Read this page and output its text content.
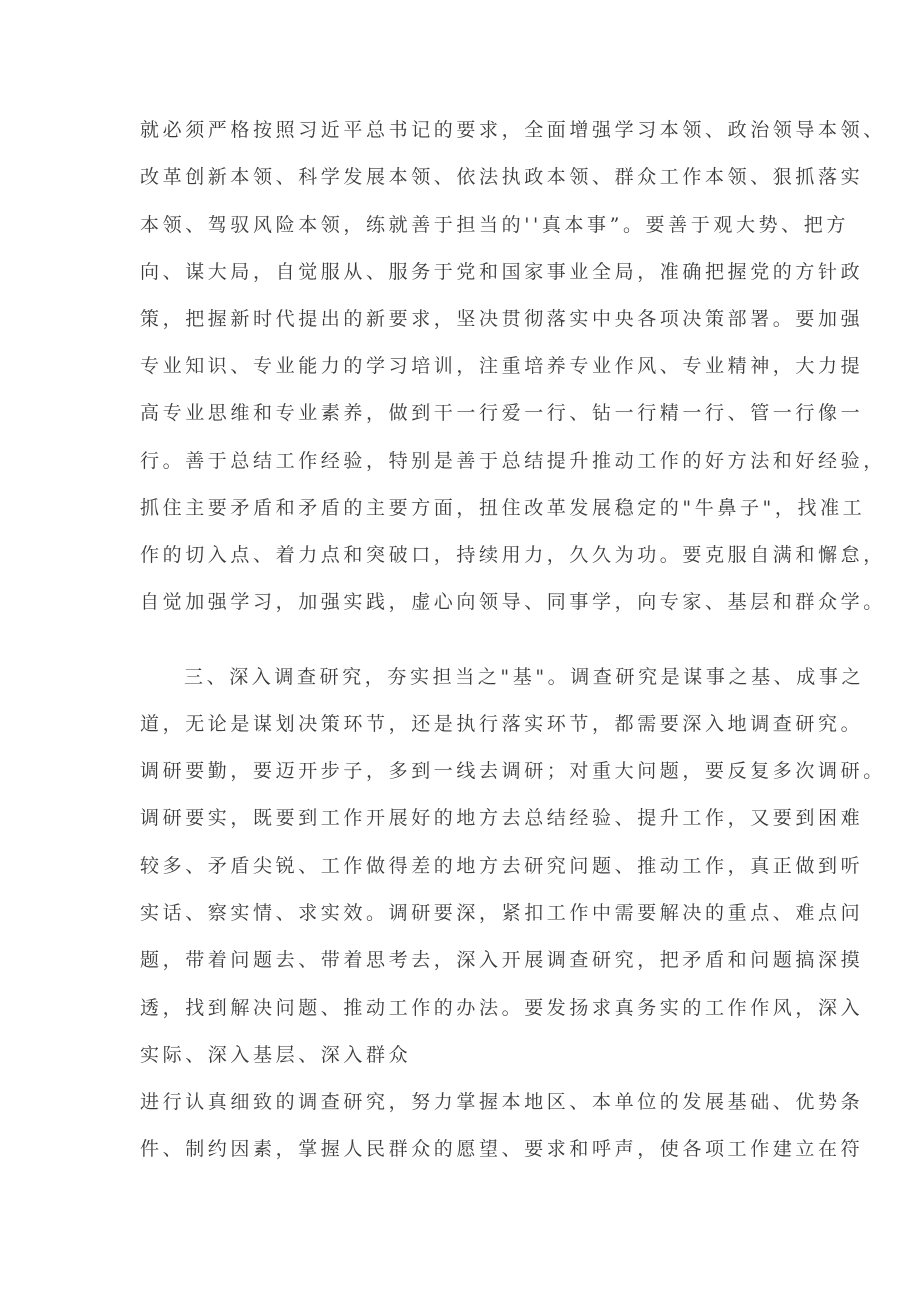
就必须严格按照习近平总书记的要求，全面增强学习本领、政治领导本领、
改革创新本领、科学发展本领、依法执政本领、群众工作本领、狠抓落实
本领、驾驭风险本领，练就善于担当的''真本事”。要善于观大势、把方
向、谋大局，自觉服从、服务于党和国家事业全局，准确把握党的方针政
策，把握新时代提出的新要求，坚决贯彻落实中央各项决策部署。要加强
专业知识、专业能力的学习培训，注重培养专业作风、专业精神，大力提
高专业思维和专业素养，做到干一行爱一行、钻一行精一行、管一行像一
行。善于总结工作经验，特别是善于总结提升推动工作的好方法和好经验，
抓住主要矛盾和矛盾的主要方面，扭住改革发展稳定的"牛鼻子"，找准工
作的切入点、着力点和突破口，持续用力，久久为功。要克服自满和懈怠，
自觉加强学习，加强实践，虚心向领导、同事学，向专家、基层和群众学。
三、深入调查研究，夯实担当之"基"。调查研究是谋事之基、成事之
道，无论是谋划决策环节，还是执行落实环节，都需要深入地调查研究。
调研要勤，要迈开步子，多到一线去调研；对重大问题，要反复多次调研。
调研要实，既要到工作开展好的地方去总结经验、提升工作，又要到困难
较多、矛盾尖锐、工作做得差的地方去研究问题、推动工作，真正做到听
实话、察实情、求实效。调研要深，紧扣工作中需要解决的重点、难点问
题，带着问题去、带着思考去，深入开展调查研究，把矛盾和问题搞深摸
透，找到解决问题、推动工作的办法。要发扬求真务实的工作作风，深入
实际、深入基层、深入群众
进行认真细致的调查研究，努力掌握本地区、本单位的发展基础、优势条
件、制约因素，掌握人民群众的愿望、要求和呼声，使各项工作建立在符
